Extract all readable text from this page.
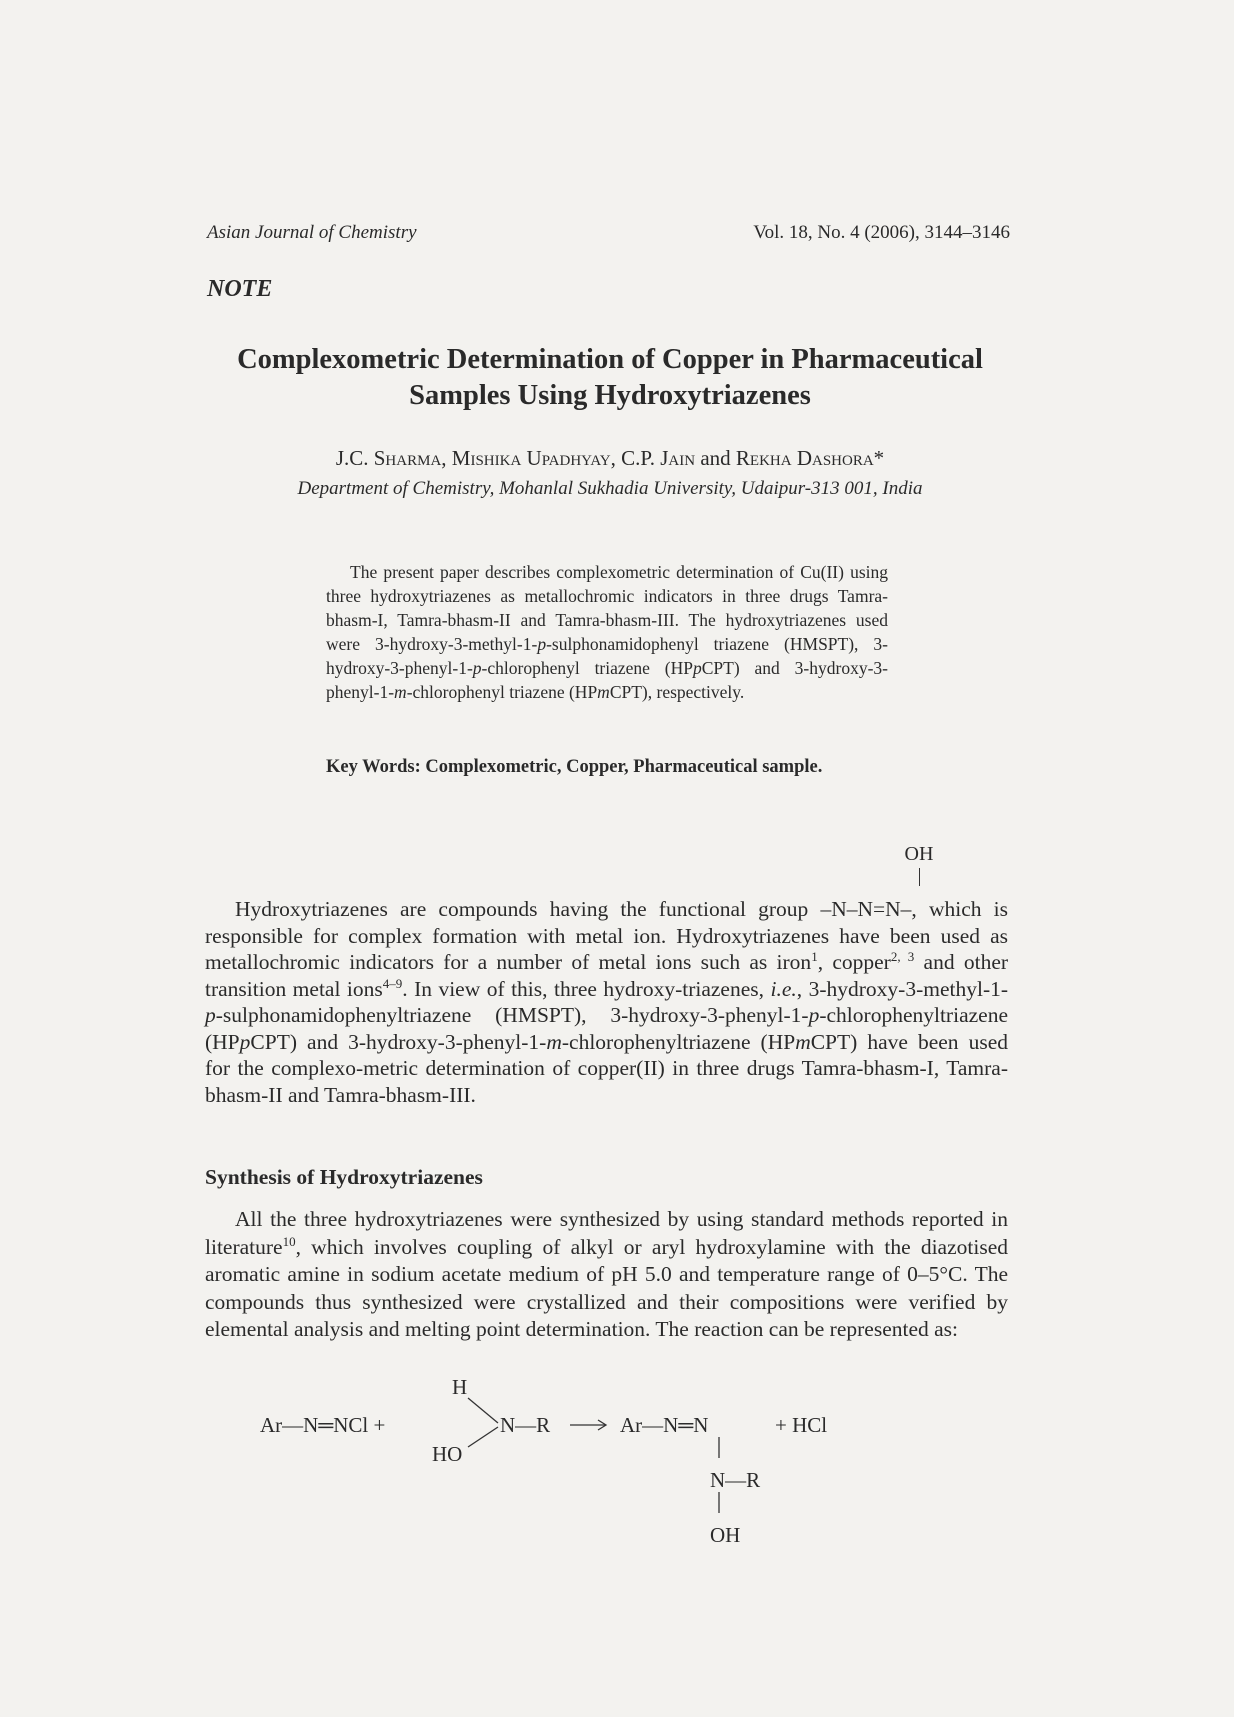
Asian Journal of Chemistry	Vol. 18, No. 4 (2006), 3144–3146
NOTE
Complexometric Determination of Copper in Pharmaceutical
Samples Using Hydroxytriazenes
J.C. Sharma, Mishika Upadhyay, C.P. Jain and Rekha Dashora*
Department of Chemistry, Mohanlal Sukhadia University, Udaipur-313 001, India
The present paper describes complexometric determination of Cu(II) using three hydroxytriazenes as metallochromic indicators in three drugs Tamra-bhasm-I, Tamra-bhasm-II and Tamra-bhasm-III. The hydroxytriazenes used were 3-hydroxy-3-methyl-1-p-sulphonamidophenyl triazene (HMSPT), 3-hydroxy-3-phenyl-1-p-chlorophenyl triazene (HPpCPT) and 3-hydroxy-3-phenyl-1-m-chlorophenyl triazene (HPmCPT), respectively.
Key Words: Complexometric, Copper, Pharmaceutical sample.
OH
Hydroxytriazenes are compounds having the functional group –N–N=N–, which is responsible for complex formation with metal ion. Hydroxytriazenes have been used as metallochromic indicators for a number of metal ions such as iron$^1$, copper$^{2, 3}$ and other transition metal ions$^{4-9}$. In view of this, three hydroxy-triazenes, i.e., 3-hydroxy-3-methyl-1-p-sulphonamidophenyltriazene (HMSPT), 3-hydroxy-3-phenyl-1-p-chlorophenyltriazene (HPpCPT) and 3-hydroxy-3-phenyl-1-m-chlorophenyltriazene (HPmCPT) have been used for the complexo-metric determination of copper(II) in three drugs Tamra-bhasm-I, Tamra-bhasm-II and Tamra-bhasm-III.
Synthesis of Hydroxytriazenes
All the three hydroxytriazenes were synthesized by using standard methods reported in literature$^{10}$, which involves coupling of alkyl or aryl hydroxylamine with the diazotised aromatic amine in sodium acetate medium of pH 5.0 and temperature range of 0–5°C. The compounds thus synthesized were crystallized and their compositions were verified by elemental analysis and melting point determination. The reaction can be represented as:
Ar—N═NCl +
H
HO
N—R	Ar—N═N	+ HCl
N—R
OH
